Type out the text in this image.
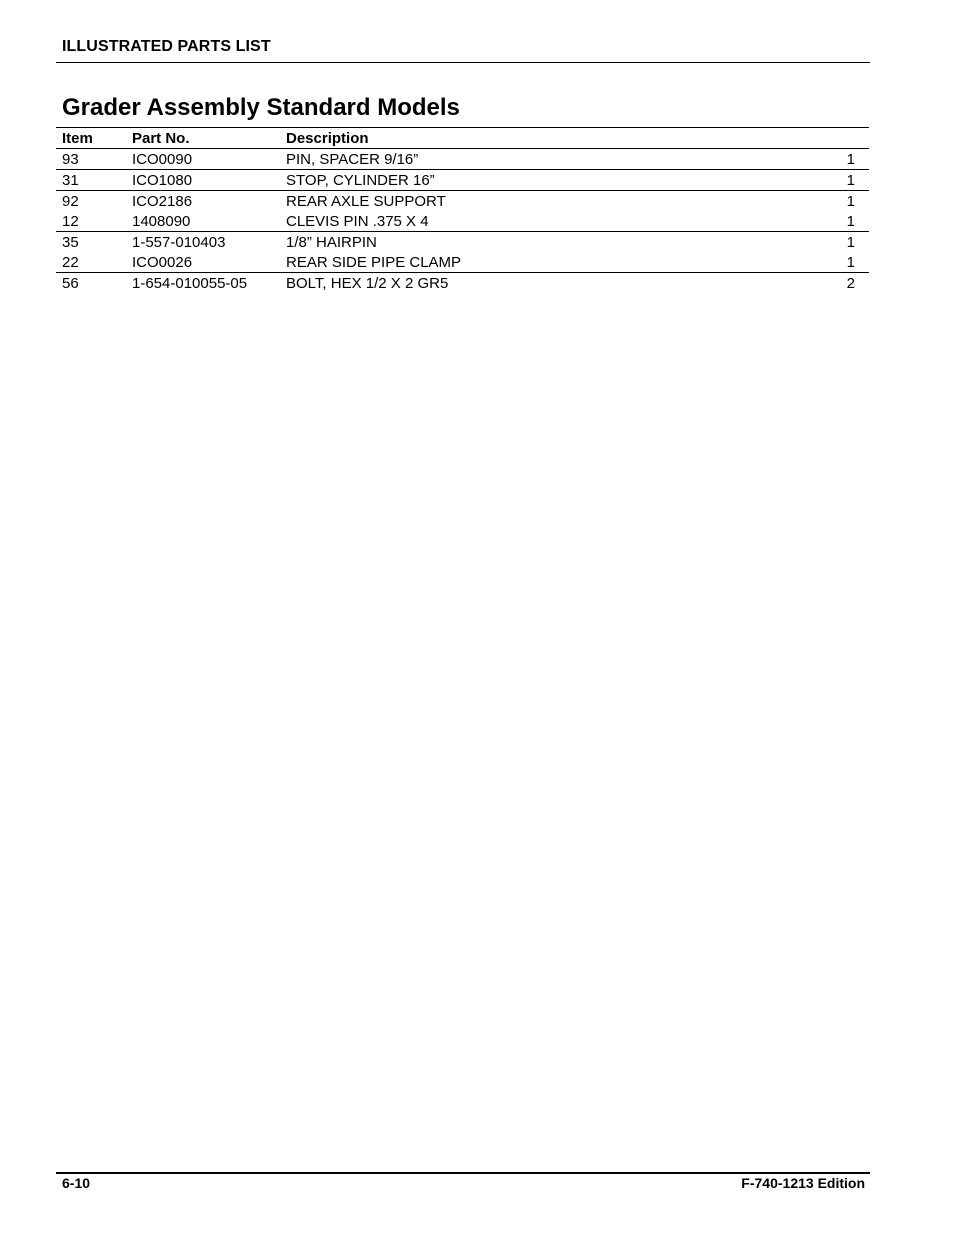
ILLUSTRATED PARTS LIST
Grader Assembly Standard Models
Item	Part No.	Description	
93	ICO0090	PIN, SPACER 9/16”	1
31	ICO1080	STOP, CYLINDER 16”	1
92	ICO2186	REAR AXLE SUPPORT	1
12	1408090	CLEVIS PIN .375 X 4	1
35	1-557-010403	1/8” HAIRPIN	1
22	ICO0026	REAR SIDE PIPE CLAMP	1
56	1-654-010055-05	BOLT, HEX 1/2 X 2 GR5	2
6-10	F-740-1213 Edition
